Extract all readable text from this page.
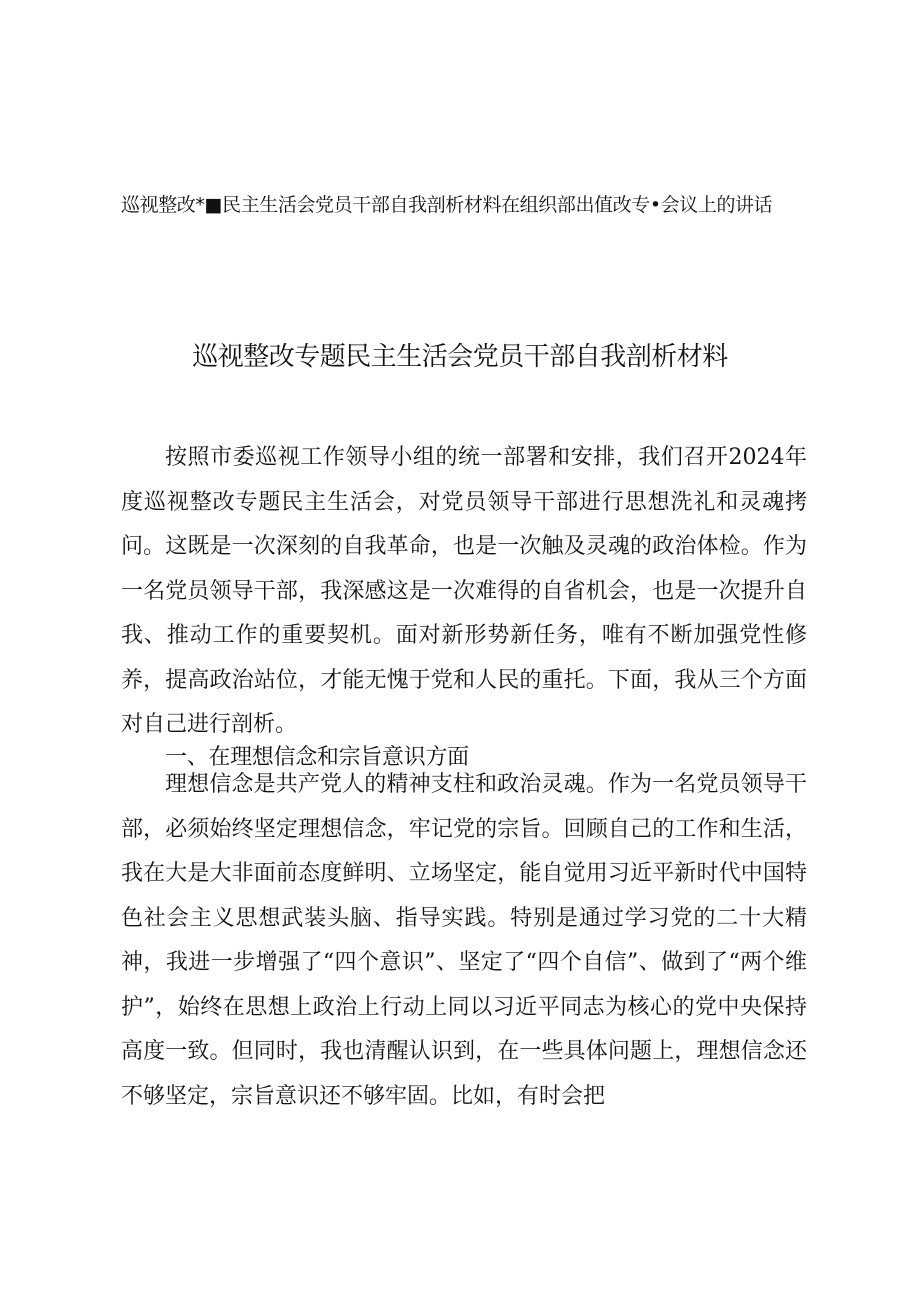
巡视整改*■民主生活会党员干部自我剖析材料在组织部出值改专•会议上的讲话
巡视整改专题民主生活会党员干部自我剖析材料

按照市委巡视工作领导小组的统一部署和安排，我们召开2024年度巡视整改专题民主生活会，对党员领导干部进行思想洗礼和灵魂拷问。这既是一次深刻的自我革命，也是一次触及灵魂的政治体检。作为一名党员领导干部，我深感这是一次难得的自省机会，也是一次提升自我、推动工作的重要契机。面对新形势新任务，唯有不断加强党性修养，提高政治站位，才能无愧于党和人民的重托。下面，我从三个方面对自己进行剖析。

一、在理想信念和宗旨意识方面

理想信念是共产党人的精神支柱和政治灵魂。作为一名党员领导干部，必须始终坚定理想信念，牢记党的宗旨。回顾自己的工作和生活，我在大是大非面前态度鲜明、立场坚定，能自觉用习近平新时代中国特色社会主义思想武装头脑、指导实践。特别是通过学习党的二十大精神，我进一步增强了“四个意识”、坚定了“四个自信”、做到了“两个维护”，始终在思想上政治上行动上同以习近平同志为核心的党中央保持高度一致。但同时，我也清醒认识到，在一些具体问题上，理想信念还不够坚定，宗旨意识还不够牢固。比如，有时会把
